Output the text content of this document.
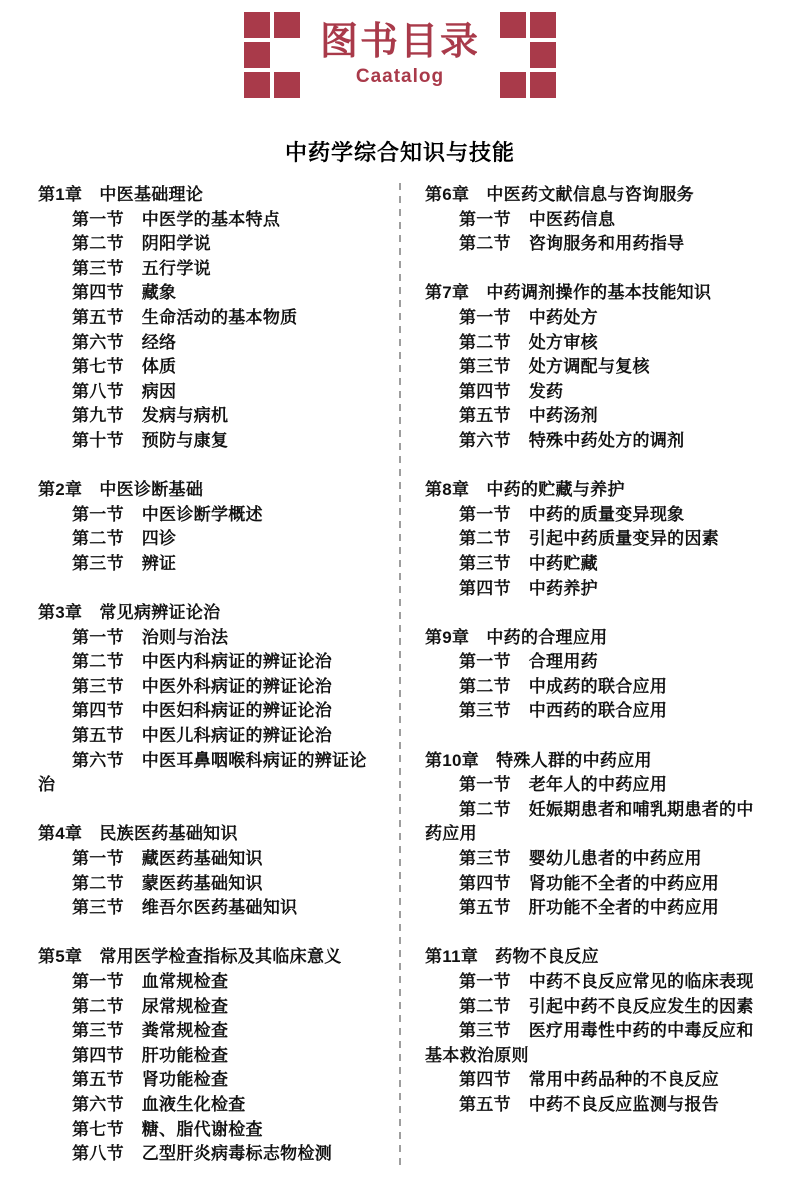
图书目录
Caatalog
中药学综合知识与技能
第1章 中医基础理论
第一节 中医学的基本特点
第二节 阴阳学说
第三节 五行学说
第四节 藏象
第五节 生命活动的基本物质
第六节 经络
第七节 体质
第八节 病因
第九节 发病与病机
第十节 预防与康复
第2章 中医诊断基础
第一节 中医诊断学概述
第二节 四诊
第三节 辨证
第3章 常见病辨证论治
第一节 治则与治法
第二节 中医内科病证的辨证论治
第三节 中医外科病证的辨证论治
第四节 中医妇科病证的辨证论治
第五节 中医儿科病证的辨证论治
第六节 中医耳鼻咽喉科病证的辨证论治
第4章 民族医药基础知识
第一节 藏医药基础知识
第二节 蒙医药基础知识
第三节 维吾尔医药基础知识
第5章 常用医学检查指标及其临床意义
第一节 血常规检查
第二节 尿常规检查
第三节 粪常规检查
第四节 肝功能检查
第五节 肾功能检查
第六节 血液生化检查
第七节 糖、脂代谢检查
第八节 乙型肝炎病毒标志物检测
第6章 中医药文献信息与咨询服务
第一节 中医药信息
第二节 咨询服务和用药指导
第7章 中药调剂操作的基本技能知识
第一节 中药处方
第二节 处方审核
第三节 处方调配与复核
第四节 发药
第五节 中药汤剂
第六节 特殊中药处方的调剂
第8章 中药的贮藏与养护
第一节 中药的质量变异现象
第二节 引起中药质量变异的因素
第三节 中药贮藏
第四节 中药养护
第9章 中药的合理应用
第一节 合理用药
第二节 中成药的联合应用
第三节 中西药的联合应用
第10章 特殊人群的中药应用
第一节 老年人的中药应用
第二节 妊娠期患者和哺乳期患者的中药应用
第三节 婴幼儿患者的中药应用
第四节 肾功能不全者的中药应用
第五节 肝功能不全者的中药应用
第11章 药物不良反应
第一节 中药不良反应常见的临床表现
第二节 引起中药不良反应发生的因素
第三节 医疗用毒性中药的中毒反应和基本救治原则
第四节 常用中药品种的不良反应
第五节 中药不良反应监测与报告
